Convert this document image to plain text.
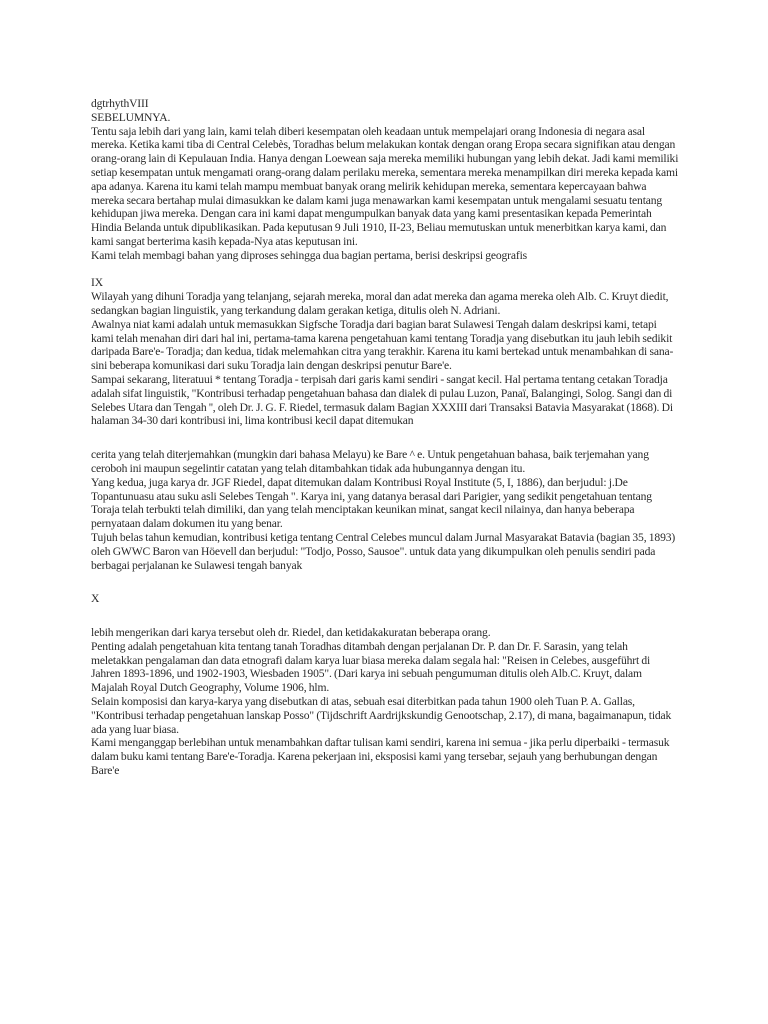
dgtrhythVIII

SEBELUMNYA.

Tentu saja lebih dari yang lain, kami telah diberi kesempatan oleh keadaan untuk mempelajari orang Indonesia di negara asal mereka. Ketika kami tiba di Central Celebès, Toradhas belum melakukan kontak dengan orang Eropa secara signifikan atau dengan orang-orang lain di Kepulauan India. Hanya dengan Loewean saja mereka memiliki hubungan yang lebih dekat. Jadi kami memiliki setiap kesempatan untuk mengamati orang-orang dalam perilaku mereka, sementara mereka menampilkan diri mereka kepada kami apa adanya. Karena itu kami telah mampu membuat banyak orang melirik kehidupan mereka, sementara kepercayaan bahwa mereka secara bertahap mulai dimasukkan ke dalam kami juga menawarkan kami kesempatan untuk mengalami sesuatu tentang kehidupan jiwa mereka. Dengan cara ini kami dapat mengumpulkan banyak data yang kami presentasikan kepada Pemerintah Hindia Belanda untuk dipublikasikan. Pada keputusan 9 Juli 1910, II-23, Beliau memutuskan untuk menerbitkan karya kami, dan kami sangat berterima kasih kepada-Nya atas keputusan ini.

Kami telah membagi bahan yang diproses sehingga dua bagian pertama, berisi deskripsi geografis

IX

Wilayah yang dihuni Toradja yang telanjang, sejarah mereka, moral dan adat mereka dan agama mereka oleh Alb. C. Kruyt diedit, sedangkan bagian linguistik, yang terkandung dalam gerakan ketiga, ditulis oleh N. Adriani.

Awalnya niat kami adalah untuk memasukkan Sigfsche Toradja dari bagian barat Sulawesi Tengah dalam deskripsi kami, tetapi kami telah menahan diri dari hal ini, pertama-tama karena pengetahuan kami tentang Toradja yang disebutkan itu jauh lebih sedikit daripada Bare'e- Toradja; dan kedua, tidak melemahkan citra yang terakhir. Karena itu kami bertekad untuk menambahkan di sana- sini beberapa komunikasi dari suku Toradja lain dengan deskripsi penutur Bare'e.

Sampai sekarang, literatuui * tentang Toradja - terpisah dari garis kami sendiri - sangat kecil. Hal pertama tentang cetakan Toradja adalah sifat linguistik, "Kontribusi terhadap pengetahuan bahasa dan dialek di pulau Luzon, Panaï, Balangingi, Solog. Sangi dan di Selebes Utara dan Tengah '', oleh Dr. J. G. F. Riedel, termasuk dalam Bagian XXXIII dari Transaksi Batavia Masyarakat (1868). Di halaman 34-30 dari kontribusi ini, lima kontribusi kecil dapat ditemukan

cerita yang telah diterjemahkan (mungkin dari bahasa Melayu) ke Bare ^ e. Untuk pengetahuan bahasa, baik terjemahan yang ceroboh ini maupun segelintir catatan yang telah ditambahkan tidak ada hubungannya dengan itu.

Yang kedua, juga karya dr. JGF Riedel, dapat ditemukan dalam Kontribusi Royal Institute (5, I, 1886), dan berjudul: j.De Topantunuasu atau suku asli Selebes Tengah ". Karya ini, yang datanya berasal dari Parigier, yang sedikit pengetahuan tentang Toraja telah terbukti telah dimiliki, dan yang telah menciptakan keunikan minat, sangat kecil nilainya, dan hanya beberapa pernyataan dalam dokumen itu yang benar.

Tujuh belas tahun kemudian, kontribusi ketiga tentang Central Celebes muncul dalam Jurnal Masyarakat Batavia (bagian 35, 1893) oleh GWWC Baron van Höevell dan berjudul: "Todjo, Posso, Sausoe". untuk data yang dikumpulkan oleh penulis sendiri pada berbagai perjalanan ke Sulawesi tengah banyak

X

lebih mengerikan dari karya tersebut oleh dr. Riedel, dan ketidakakuratan beberapa orang.

Penting adalah pengetahuan kita tentang tanah Toradhas ditambah dengan perjalanan Dr. P. dan Dr. F. Sarasin, yang telah meletakkan pengalaman dan data etnografi dalam karya luar biasa mereka dalam segala hal: "Reisen in Celebes, ausgeführt di Jahren 1893-1896, und 1902-1903, Wiesbaden 1905". (Dari karya ini sebuah pengumuman ditulis oleh Alb.C. Kruyt, dalam Majalah Royal Dutch Geography, Volume 1906, hlm.

Selain komposisi dan karya-karya yang disebutkan di atas, sebuah esai diterbitkan pada tahun 1900 oleh Tuan P. A. Gallas, "Kontribusi terhadap pengetahuan lanskap Posso" (Tijdschrift Aardrijkskundig Genootschap, 2.17), di mana, bagaimanapun, tidak ada yang luar biasa.

Kami menganggap berlebihan untuk menambahkan daftar tulisan kami sendiri, karena ini semua - jika perlu diperbaiki - termasuk dalam buku kami tentang Bare'e-Toradja. Karena pekerjaan ini, eksposisi kami yang tersebar, sejauh yang berhubungan dengan Bare'e
